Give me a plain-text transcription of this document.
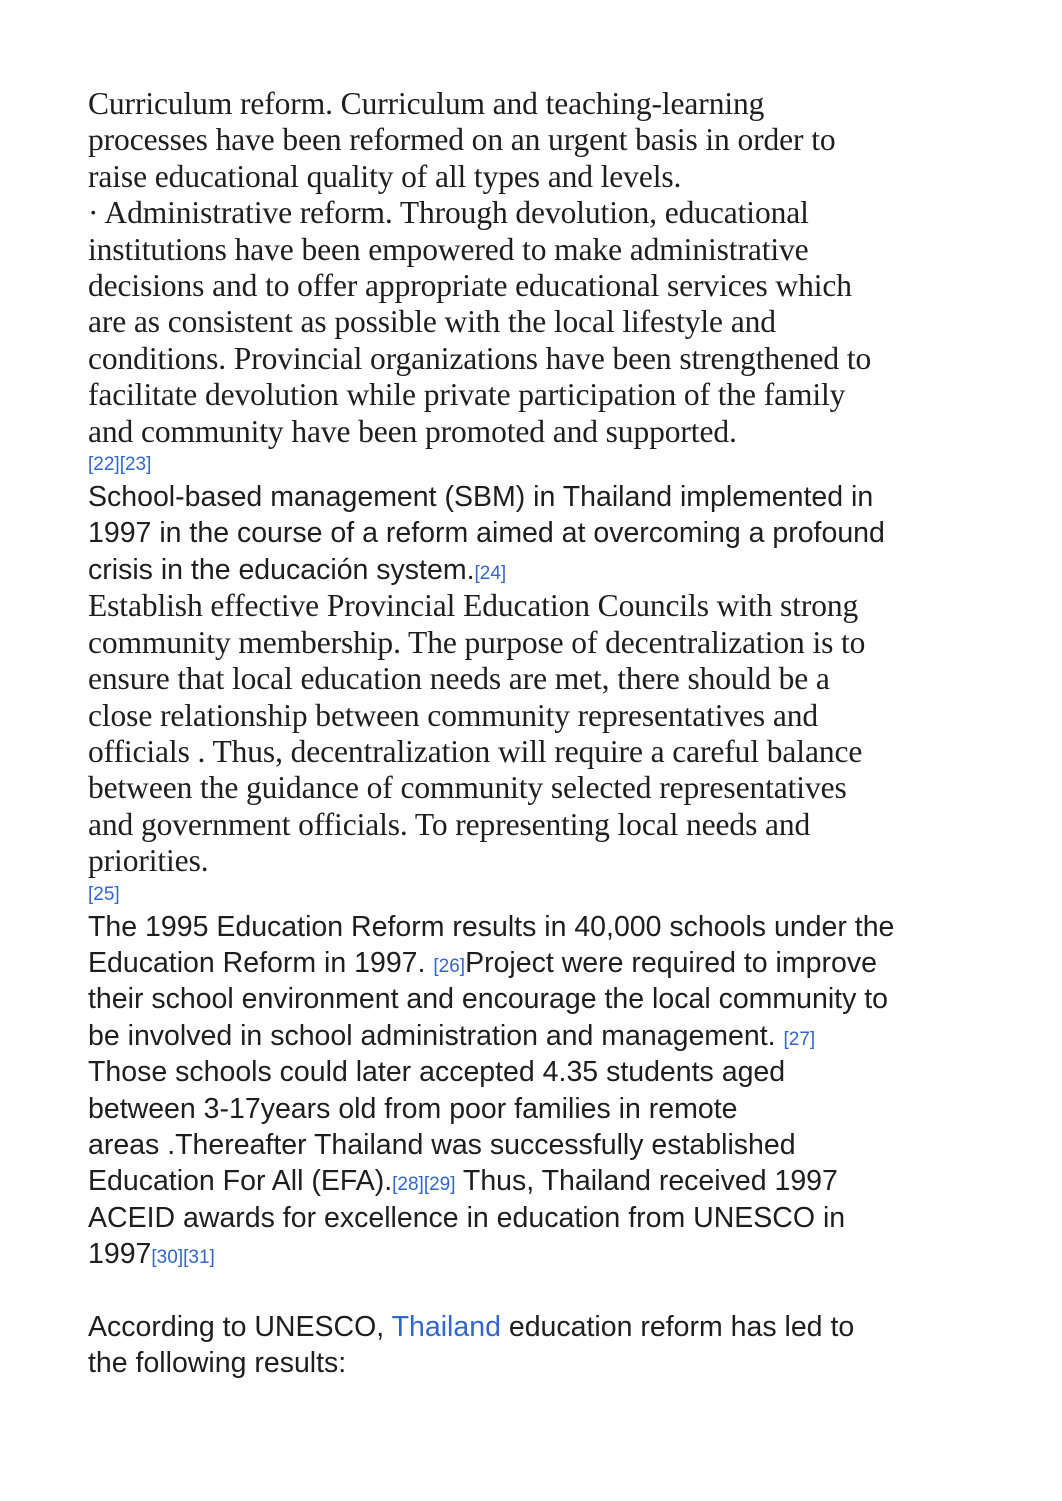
Curriculum reform. Curriculum and teaching-learning
processes have been reformed on an urgent basis in order to
raise educational quality of all types and levels.
· Administrative reform. Through devolution, educational
institutions have been empowered to make administrative
decisions and to offer appropriate educational services which
are as consistent as possible with the local lifestyle and
conditions. Provincial organizations have been strengthened to
facilitate devolution while private participation of the family
and community have been promoted and supported.
[22][23]
School-based management (SBM) in Thailand implemented in
1997 in the course of a reform aimed at overcoming a profound
crisis in the educación system.[24]
Establish effective Provincial Education Councils with strong
community membership. The purpose of decentralization is to
ensure that local education needs are met, there should be a
close relationship between community representatives and
officials . Thus, decentralization will require a careful balance
between the guidance of community selected representatives
and government officials. To representing local needs and
priorities.
[25]
The 1995 Education Reform results in 40,000 schools under the
Education Reform in 1997. [26]Project were required to improve
their school environment and encourage the local community to
be involved in school administration and management. [27]
Those schools could later accepted 4.35 students aged
between 3-17years old from poor families in remote
areas .Thereafter Thailand was successfully established
Education For All (EFA).[28][29] Thus, Thailand received 1997
ACEID awards for excellence in education from UNESCO in
1997[30][31]
According to UNESCO, Thailand education reform has led to
the following results:
